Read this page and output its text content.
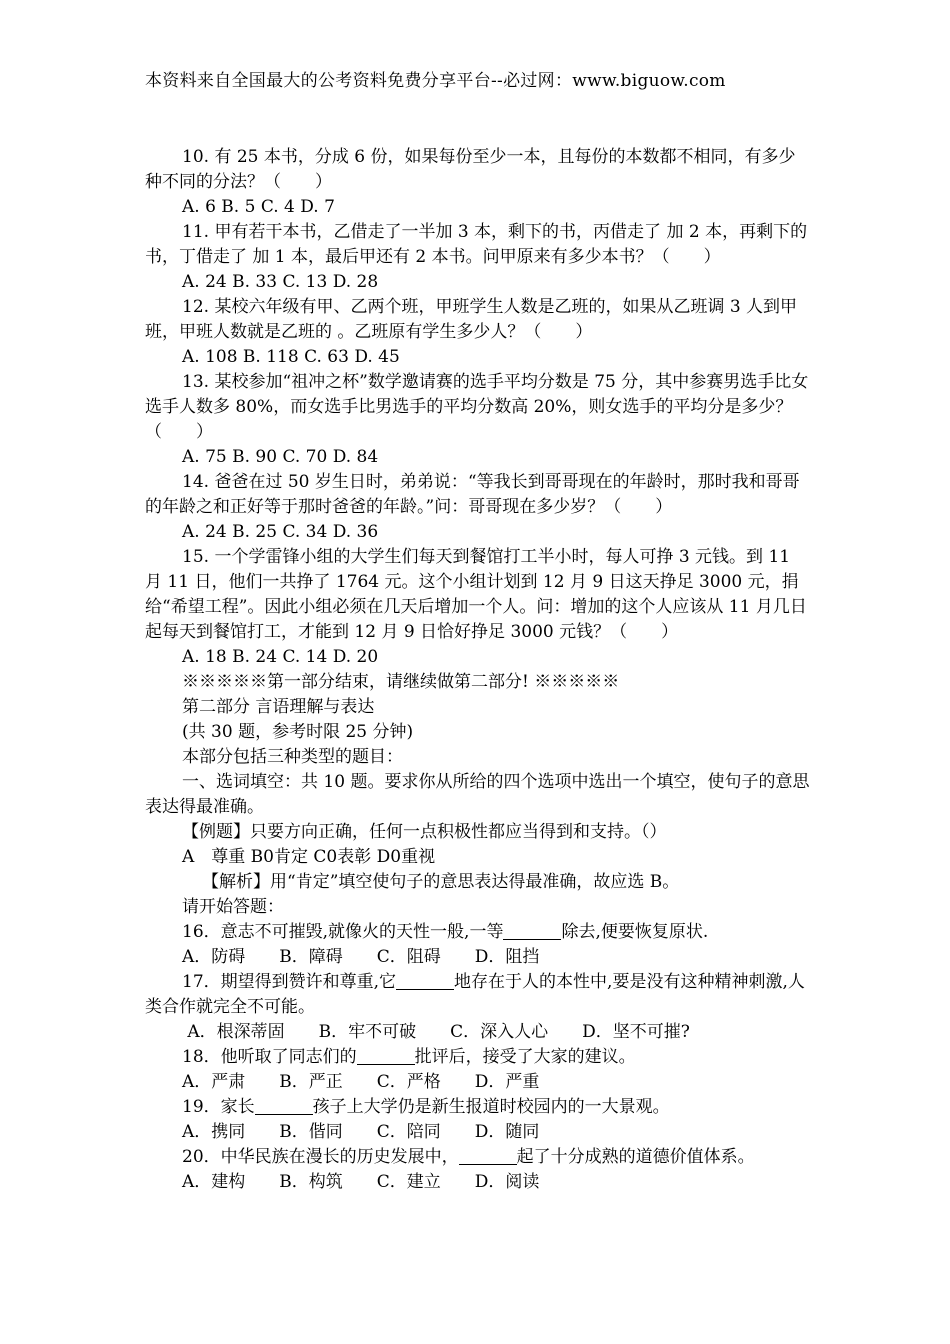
本资料来自全国最大的公考资料免费分享平台--必过网：www.biguow.com
10. 有 25 本书，分成 6 份，如果每份至少一本，且每份的本数都不相同，有多少种不同的分法？（　　）
A. 6 B. 5 C. 4 D. 7
11. 甲有若干本书，乙借走了一半加 3 本，剩下的书，丙借走了 加 2 本，再剩下的书，丁借走了 加 1 本，最后甲还有 2 本书。问甲原来有多少本书？（　　）
A. 24 B. 33 C. 13 D. 28
12. 某校六年级有甲、乙两个班，甲班学生人数是乙班的，如果从乙班调 3 人到甲班，甲班人数就是乙班的 。乙班原有学生多少人？（　　）
A. 108 B. 118 C. 63 D. 45
13. 某校参加“祖冲之杯”数学邀请赛的选手平均分数是 75 分，其中参赛男选手比女选手人数多 80%，而女选手比男选手的平均分数高 20%，则女选手的平均分是多少？（　　）
A. 75 B. 90 C. 70 D. 84
14. 爸爸在过 50 岁生日时，弟弟说：“等我长到哥哥现在的年龄时，那时我和哥哥的年龄之和正好等于那时爸爸的年龄。”问：哥哥现在多少岁？（　　）
A. 24 B. 25 C. 34 D. 36
15. 一个学雷锋小组的大学生们每天到餐馆打工半小时，每人可挣 3 元钱。到 11 月 11 日，他们一共挣了 1764 元。这个小组计划到 12 月 9 日这天挣足 3000 元，捐给“希望工程”。因此小组必须在几天后增加一个人。问：增加的这个人应该从 11 月几日起每天到餐馆打工，才能到 12 月 9 日恰好挣足 3000 元钱？（　　）
A. 18 B. 24 C. 14 D. 20
※※※※※第一部分结束，请继续做第二部分! ※※※※※
第二部分 言语理解与表达
(共 30 题，参考时限 25 分钟)
本部分包括三种类型的题目：
一、选词填空：共 10 题。要求你从所给的四个选项中选出一个填空，使句子的意思表达得最准确。
【例题】只要方向正确，任何一点积极性都应当得到和支持。（）
A　尊重 B0肯定 C0表彰 D0重视
【解析】用“肯定”填空使句子的意思表达得最准确，故应选 B。
请开始答题：
16．意志不可摧毁,就像火的天性一般,一等	除去,便要恢复原状.
A．防碍　　B．障碍　　C．阻碍　　D．阻挡
17．期望得到赞许和尊重,它	地存在于人的本性中,要是没有这种精神刺激,人类合作就完全不可能。
A．根深蒂固　　B．牢不可破　　C．深入人心　　D．坚不可摧?
18．他听取了同志们的	批评后，接受了大家的建议。
A．严肃　　B．严正　　C．严格　　D．严重
19．家长	孩子上大学仍是新生报道时校园内的一大景观。
A．携同　　B．偕同　　C．陪同　　D．随同
20．中华民族在漫长的历史发展中，	起了十分成熟的道德价值体系。
A．建构　　B．构筑　　C．建立　　D．阅读
